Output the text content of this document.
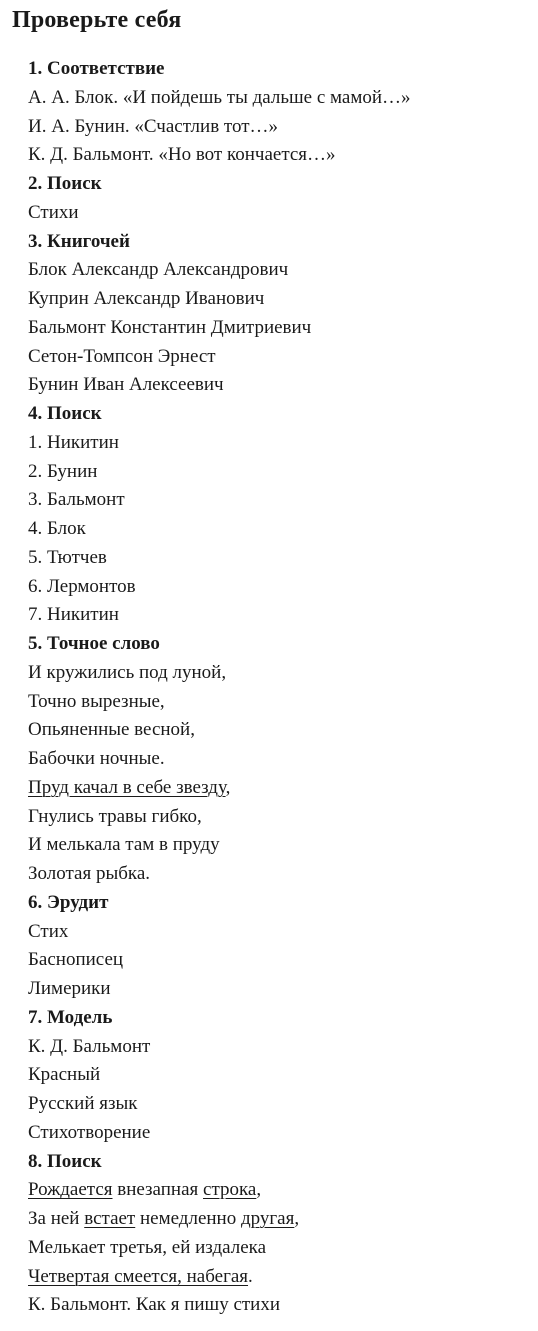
Проверьте себя
1. Соответствие
А. А. Блок. «И пойдешь ты дальше с мамой…»
И. А. Бунин. «Счастлив тот…»
К. Д. Бальмонт. «Но вот кончается…»
2. Поиск
Стихи
3. Книгочей
Блок Александр Александрович
Куприн Александр Иванович
Бальмонт Константин Дмитриевич
Сетон-Томпсон Эрнест
Бунин Иван Алексеевич
4. Поиск
1. Никитин
2. Бунин
3. Бальмонт
4. Блок
5. Тютчев
6. Лермонтов
7. Никитин
5. Точное слово
И кружились под луной,
Точно вырезные,
Опьяненные весной,
Бабочки ночные.
Пруд качал в себе звезду,
Гнулись травы гибко,
И мелькала там в пруду
Золотая рыбка.
6. Эрудит
Стих
Баснописец
Лимерики
7. Модель
К. Д. Бальмонт
Красный
Русский язык
Стихотворение
8. Поиск
Рождается внезапная строка,
За ней встает немедленно другая,
Мелькает третья, ей издалека
Четвертая смеется, набегая.
К. Бальмонт. Как я пишу стихи
